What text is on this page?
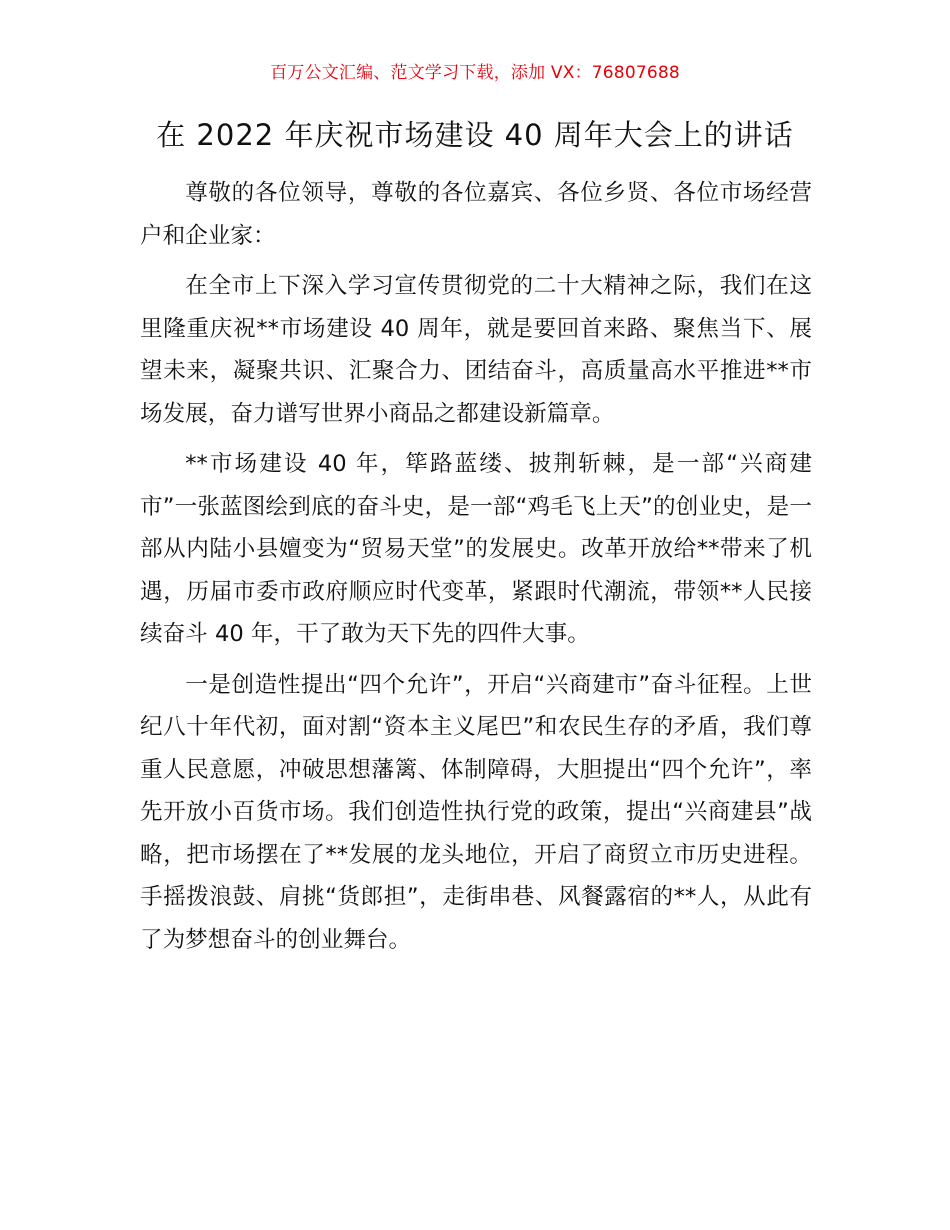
百万公文汇编、范文学习下载，添加 VX：76807688
在 2022 年庆祝市场建设 40 周年大会上的讲话

尊敬的各位领导，尊敬的各位嘉宾、各位乡贤、各位市场经营户和企业家：

在全市上下深入学习宣传贯彻党的二十大精神之际，我们在这里隆重庆祝**市场建设 40 周年，就是要回首来路、聚焦当下、展望未来，凝聚共识、汇聚合力、团结奋斗，高质量高水平推进**市场发展，奋力谱写世界小商品之都建设新篇章。

**市场建设 40 年，筚路蓝缕、披荆斩棘，是一部“兴商建市”一张蓝图绘到底的奋斗史，是一部“鸡毛飞上天”的创业史，是一部从内陆小县嬗变为“贸易天堂”的发展史。改革开放给**带来了机遇，历届市委市政府顺应时代变革，紧跟时代潮流，带领**人民接续奋斗 40 年，干了敢为天下先的四件大事。

一是创造性提出“四个允许”，开启“兴商建市”奋斗征程。上世纪八十年代初，面对割“资本主义尾巴”和农民生存的矛盾，我们尊重人民意愿，冲破思想藩篱、体制障碍，大胆提出“四个允许”，率先开放小百货市场。我们创造性执行党的政策，提出“兴商建县”战略，把市场摆在了**发展的龙头地位，开启了商贸立市历史进程。手摇拨浪鼓、肩挑“货郎担”，走街串巷、风餐露宿的**人，从此有了为梦想奋斗的创业舞台。
